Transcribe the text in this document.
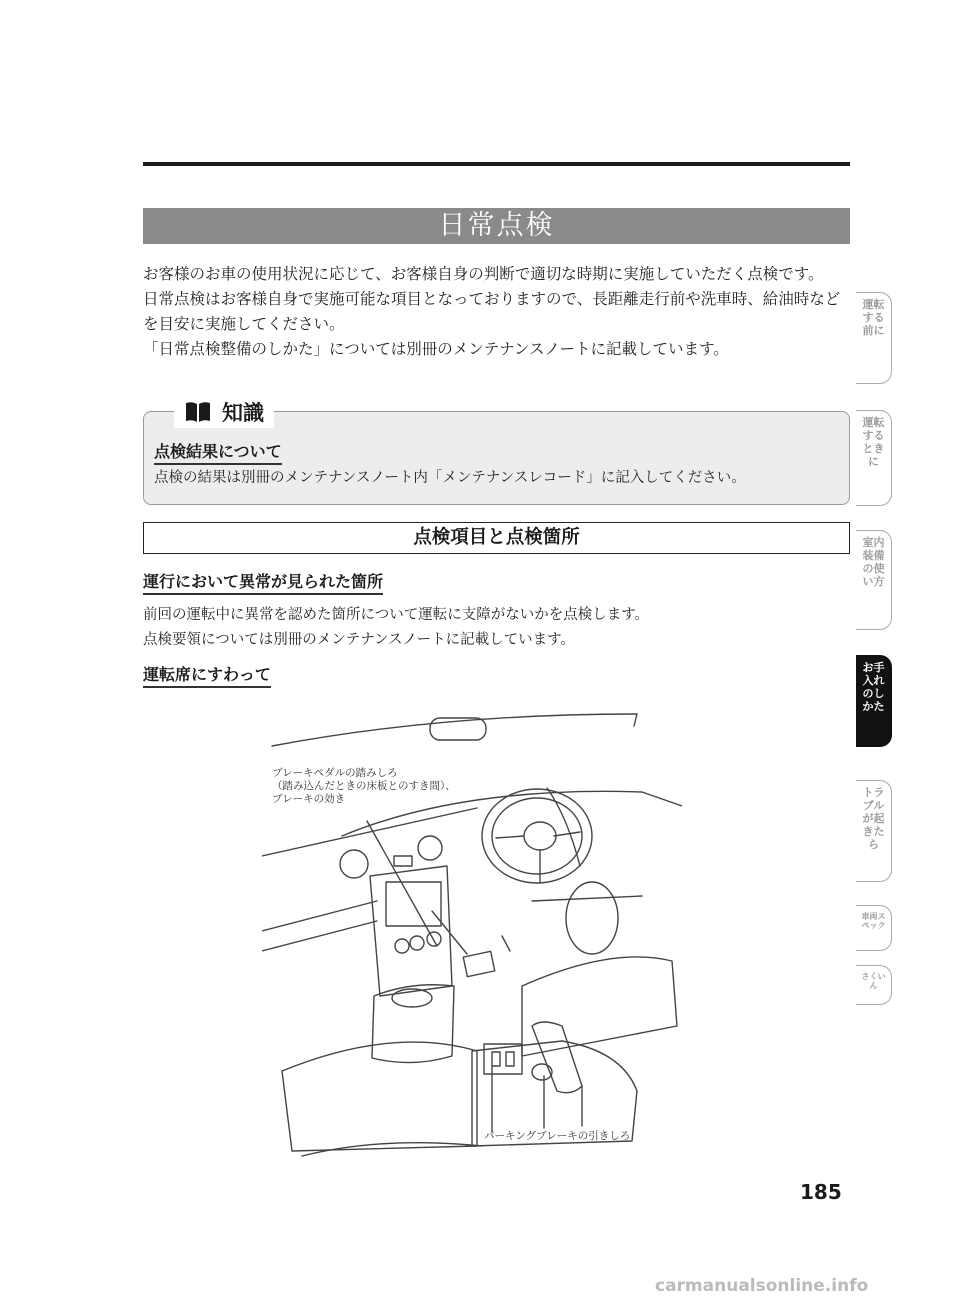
日常点検

お客様のお車の使用状況に応じて、お客様自身の判断で適切な時期に実施していただく点検です。

日常点検はお客様自身で実施可能な項目となっておりますので、長距離走行前や洗車時、給油時などを目安に実施してください。

「日常点検整備のしかた」については別冊のメンテナンスノートに記載しています。

知識
点検結果について
点検の結果は別冊のメンテナンスノート内「メンテナンスレコード」に記入してください。
点検項目と点検箇所
運行において異常が見られた箇所

前回の運転中に異常を認めた箇所について運転に支障がないかを点検します。

点検要領については別冊のメンテナンスノートに記載しています。

運転席にすわって
ブレーキペダルの踏みしろ
（踏み込んだときの床板とのすき間）、
ブレーキの効き
パーキングブレーキの引きしろ
運転する前に
運転するときに
室内装備の使い方
お手入れのしかた
トラブルが起きたら
車両スペック
さくいん
185
carmanualsonline.info
